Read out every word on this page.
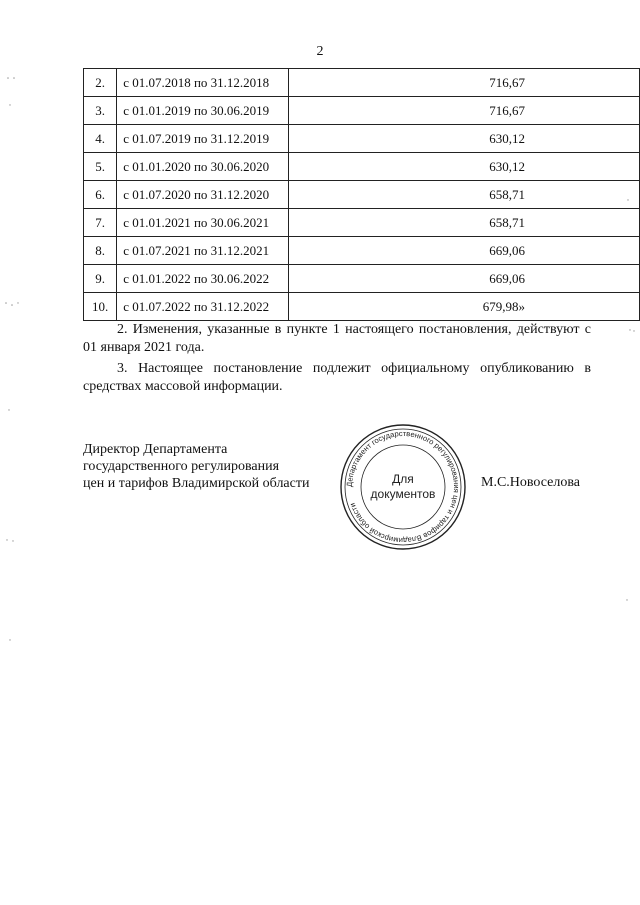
2
2.	с 01.07.2018 по 31.12.2018	716,67
3.	с 01.01.2019 по 30.06.2019	716,67
4.	с 01.07.2019 по 31.12.2019	630,12
5.	с 01.01.2020 по 30.06.2020	630,12
6.	с 01.07.2020 по 31.12.2020	658,71
7.	с 01.01.2021 по 30.06.2021	658,71
8.	с 01.07.2021 по 31.12.2021	669,06
9.	с 01.01.2022 по 30.06.2022	669,06
10.	с 01.07.2022 по 31.12.2022	679,98»

2. Изменения, указанные в пункте 1 настоящего постановления, действуют с 01 января 2021 года.

3. Настоящее постановление подлежит официальному опубликованию в средствах массовой информации.

Директор Департамента
государственного регулирования
цен и тарифов Владимирской области	Департамент государственного регулирования цен и тарифов Владимирской области
Для
документов
М.С.Новоселова
